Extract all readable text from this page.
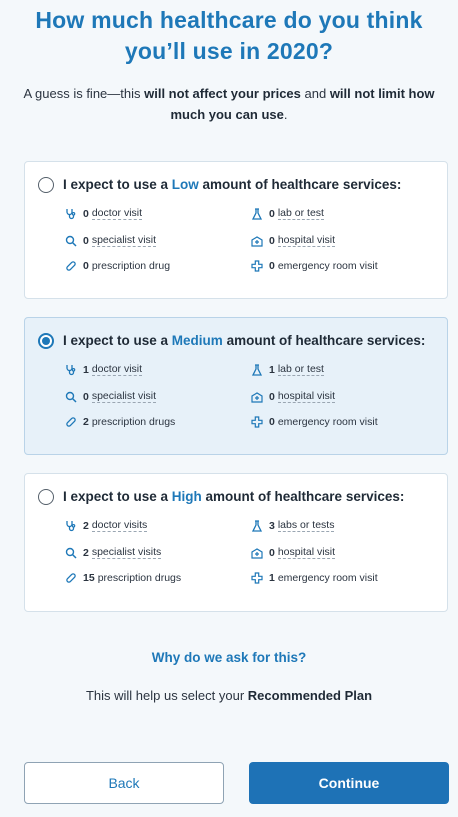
How much healthcare do you think
you’ll use in 2020?

A guess is fine—this will not affect your prices and will not limit how much you can use.

I expect to use a Low amount of healthcare services:
0 doctor visit	0 lab or test
0 specialist visit	0 hospital visit
0 prescription drug	0 emergency room visit
I expect to use a Medium amount of healthcare services:
1 doctor visit	1 lab or test
0 specialist visit	0 hospital visit
2 prescription drugs	0 emergency room visit
I expect to use a High amount of healthcare services:
2 doctor visits	3 labs or tests
2 specialist visits	0 hospital visit
15 prescription drugs	1 emergency room visit
Why do we ask for this?
This will help us select your Recommended Plan
Back	Continue
